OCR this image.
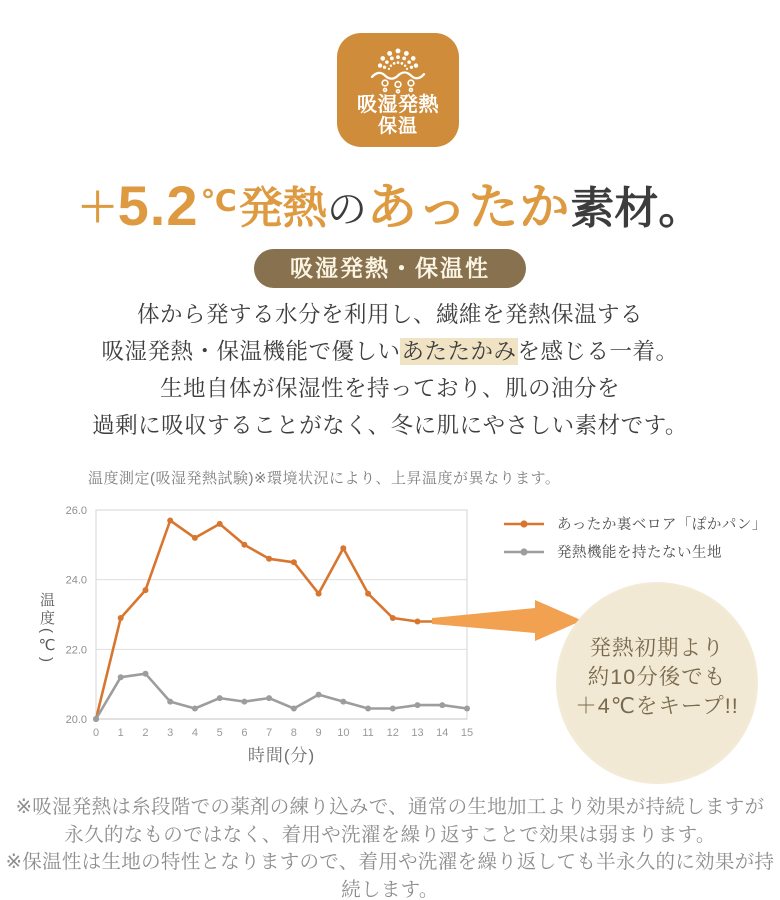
吸湿発熱
保温
＋5.2℃発熱のあったか素材。
吸湿発熱・保温性
体から発する水分を利用し、繊維を発熱保温する
吸湿発熱・保温機能で優しいあたたかみを感じる一着。
生地自体が保湿性を持っており、肌の油分を
過剰に吸収することがなく、冬に肌にやさしい素材です。
温度測定(吸湿発熱試験)※環境状況により、上昇温度が異なります。
温度(℃)
20.0
22.0
24.0
26.0
0 1 2 3 4 5 6 7 8 9 10 11 12 13 14 15
時間(分)
あったか裏ベロア「ぽかパン」
発熱機能を持たない生地
発熱初期より
約10分後でも
＋4℃をキープ!!
※吸湿発熱は糸段階での薬剤の練り込みで、通常の生地加工より効果が持続しますが
永久的なものではなく、着用や洗濯を繰り返すことで効果は弱まります。
※保温性は生地の特性となりますので、着用や洗濯を繰り返しても半永久的に効果が持続します。
